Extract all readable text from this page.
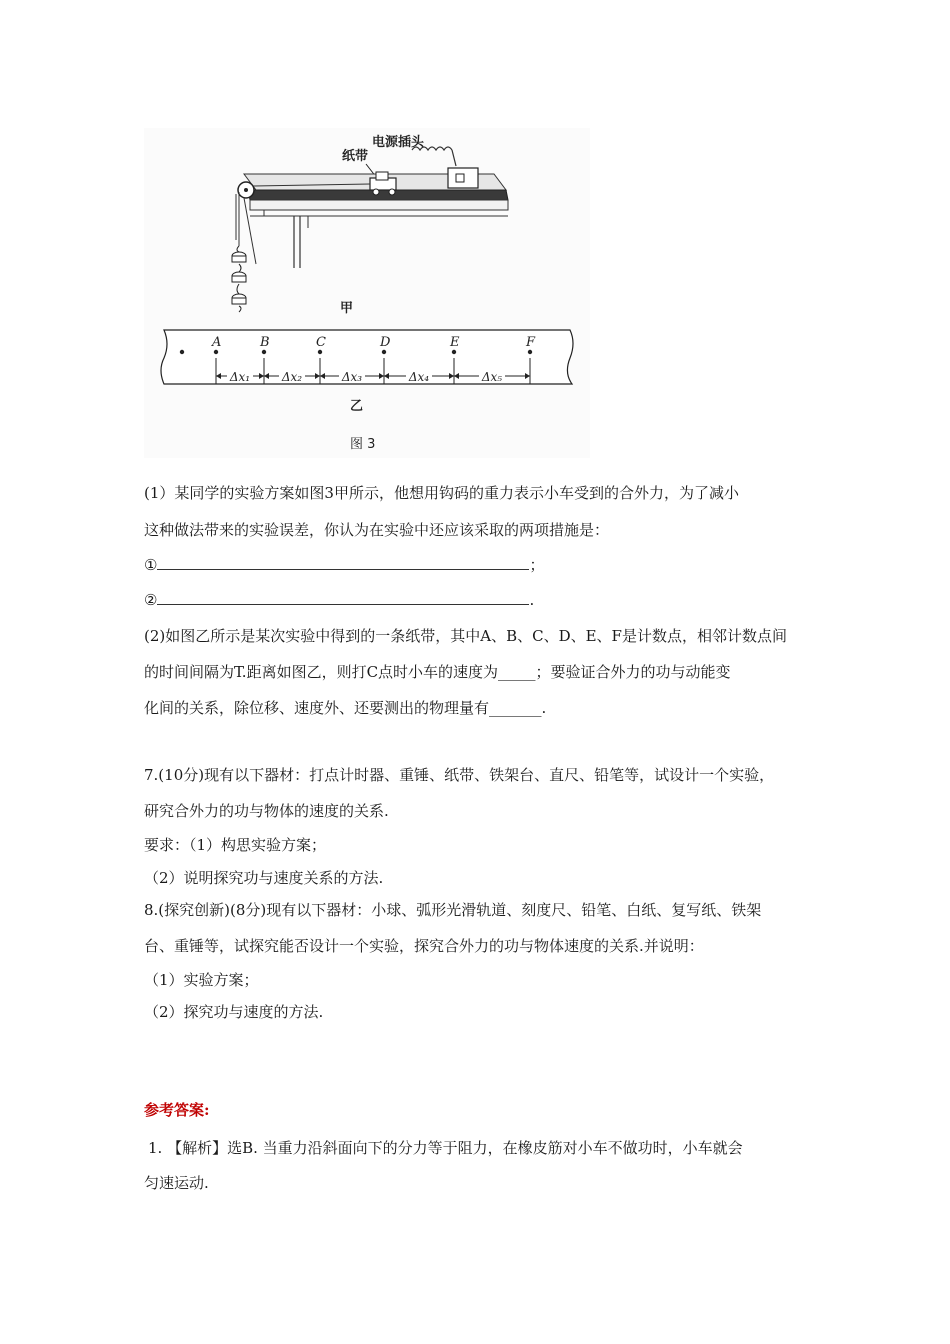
电源插头
纸带
甲
A	B	C	D	E	F
Δx₁	Δx₂	Δx₃	Δx₄	Δx₅
乙
图 3
(1）某同学的实验方案如图3甲所示，他想用钩码的重力表示小车受到的合外力，为了减小
这种做法带来的实验误差，你认为在实验中还应该采取的两项措施是：
①	；
②	.
(2)如图乙所示是某次实验中得到的一条纸带，其中A、B、C、D、E、F是计数点，相邻计数点间
的时间间隔为T.距离如图乙，则打C点时小车的速度为_____；要验证合外力的功与动能变
化间的关系，除位移、速度外、还要测出的物理量有_______.
7.(10分)现有以下器材：打点计时器、重锤、纸带、铁架台、直尺、铅笔等，试设计一个实验，
研究合外力的功与物体的速度的关系.
要求：（1）构思实验方案；
（2）说明探究功与速度关系的方法.
8.(探究创新)(8分)现有以下器材：小球、弧形光滑轨道、刻度尺、铅笔、白纸、复写纸、铁架
台、重锤等，试探究能否设计一个实验，探究合外力的功与物体速度的关系.并说明：
（1）实验方案；
（2）探究功与速度的方法.
参考答案:
1. 【解析】选B. 当重力沿斜面向下的分力等于阻力，在橡皮筋对小车不做功时，小车就会
匀速运动.
